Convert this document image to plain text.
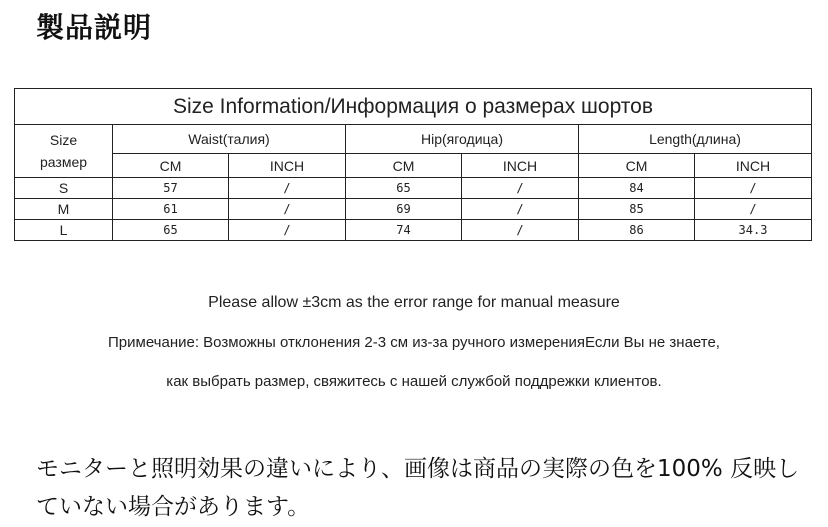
製品説明
Size Information/Информация о размерах шортов						

Size
размер	Waist(талия)		Hip(ягодица)		Length(длина)	
	CM	INCH	CM	INCH	CM	INCH
S	57	/	65	/	84	/
M	61	/	69	/	85	/
L	65	/	74	/	86	34.3
Please allow ±3cm as the error range for manual measure
Примечание: Возможны отклонения 2-3 см из-за ручного измеренияЕсли Вы не знаете,
как выбрать размер, свяжитесь с нашей службой поддрежки клиентов.
モニターと照明効果の違いにより、画像は商品の実際の色を100% 反映していない場合があります。
